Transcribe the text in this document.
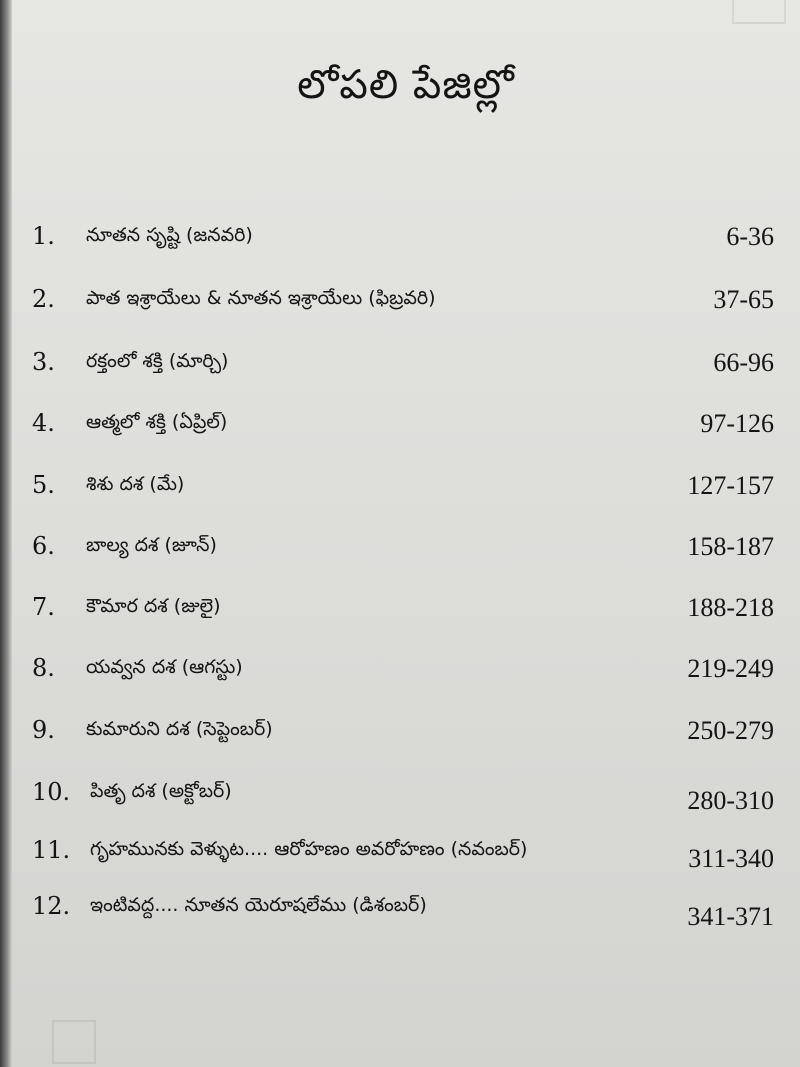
లోపలి పేజిల్లో
1. నూతన సృష్టి (జనవరి)	6-36
2. పాత ఇశ్రాయేలు & నూతన ఇశ్రాయేలు (ఫిబ్రవరి)	37-65
3. రక్తంలో శక్తి (మార్చి)	66-96
4. ఆత్మలో శక్తి (ఏప్రిల్)	97-126
5. శిశు దశ (మే)	127-157
6. బాల్య దశ (జూన్)	158-187
7. కౌమార దశ (జులై)	188-218
8. యవ్వన దశ (ఆగస్టు)	219-249
9. కుమారుని దశ (సెప్టెంబర్)	250-279
10. పితృ దశ (అక్టోబర్)	280-310
11. గృహమునకు వెళ్ళుట.... ఆరోహణం అవరోహణం (నవంబర్)	311-340
12. ఇంటివద్ద.... నూతన యెరూషలేము (డిశంబర్)	341-371
